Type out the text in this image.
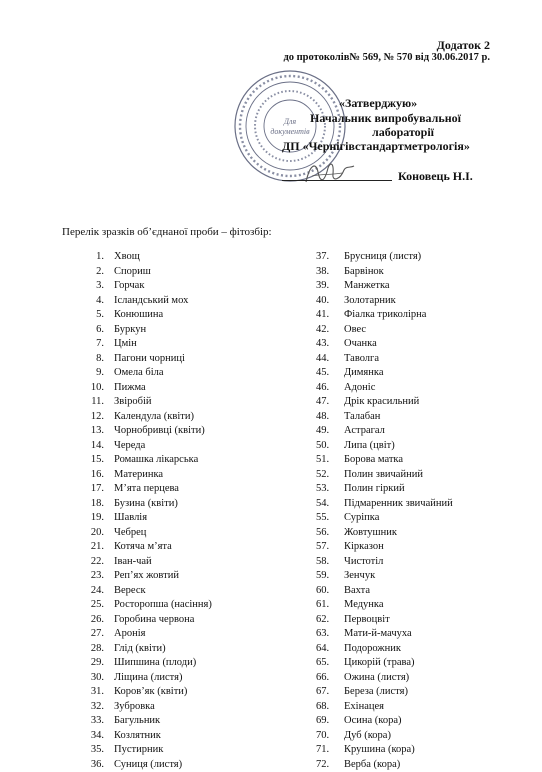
Додаток 2
до протоколів№ 569, № 570 від 30.06.2017 р.
Для
документів
«Затверджую»
Начальник випробувальної
лабораторії
ДП «Чернігівстандартметрологія»
Коновець Н.І.
Перелік зразків об’єднаної проби – фітозбір:
1. Хвощ
2. Спориш
3. Горчак
4. Ісландський мох
5. Конюшина
6. Буркун
7. Цмін
8. Пагони чорниці
9. Омела біла
10. Пижма
11. Звіробій
12. Календула (квіти)
13. Чорнобривці (квіти)
14. Череда
15. Ромашка лікарська
16. Материнка
17. М’ята перцева
18. Бузина (квіти)
19. Шавлія
20. Чебрец
21. Котяча м’ята
22. Іван-чай
23. Реп’ях жовтий
24. Вереск
25. Росторопша (насіння)
26. Горобина червона
27. Аронія
28. Глід (квіти)
29. Шипшина (плоди)
30. Ліщина (листя)
31. Коров’як (квіти)
32. Зубровка
33. Багульник
34. Козлятник
35. Пустирник
36. Суниця (листя)
37.	Брусниця (листя)
38.	Барвінок
39.	Манжетка
40.	Золотарник
41.	Фіалка триколірна
42.	Овес
43.	Очанка
44.	Таволга
45.	Димянка
46.	Адоніс
47.	Дрік красильний
48.	Талабан
49.	Астрагал
50.	Липа (цвіт)
51.	Борова матка
52.	Полин звичайний
53.	Полин гіркий
54.	Підмаренник звичайний
55.	Суріпка
56.	Жовтушник
57.	Кірказон
58.	Чистотіл
59.	Зенчук
60.	Вахта
61.	Медунка
62.	Первоцвіт
63.	Мати-й-мачуха
64.	Подорожник
65.	Цикорій (трава)
66.	Ожина (листя)
67.	Береза (листя)
68.	Ехінацея
69.	Осина (кора)
70.	Дуб (кора)
71.	Крушина (кора)
72.	Верба (кора)
